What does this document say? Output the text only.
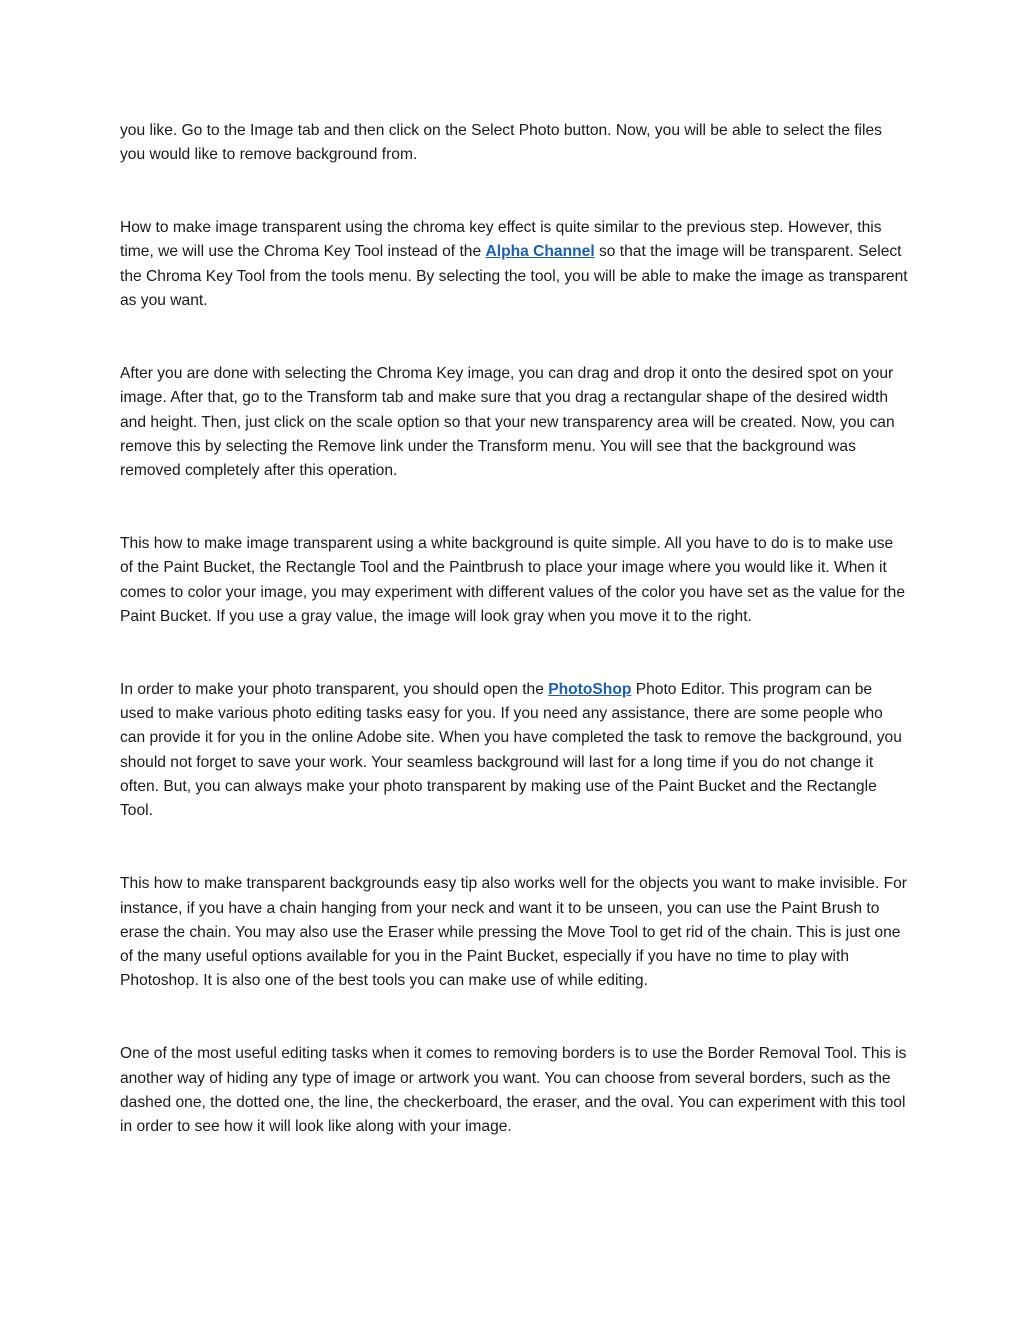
you like. Go to the Image tab and then click on the Select Photo button. Now, you will be able to select the files you would like to remove background from.

How to make image transparent using the chroma key effect is quite similar to the previous step. However, this time, we will use the Chroma Key Tool instead of the Alpha Channel so that the image will be transparent. Select the Chroma Key Tool from the tools menu. By selecting the tool, you will be able to make the image as transparent as you want.

After you are done with selecting the Chroma Key image, you can drag and drop it onto the desired spot on your image. After that, go to the Transform tab and make sure that you drag a rectangular shape of the desired width and height. Then, just click on the scale option so that your new transparency area will be created. Now, you can remove this by selecting the Remove link under the Transform menu. You will see that the background was removed completely after this operation.

This how to make image transparent using a white background is quite simple. All you have to do is to make use of the Paint Bucket, the Rectangle Tool and the Paintbrush to place your image where you would like it. When it comes to color your image, you may experiment with different values of the color you have set as the value for the Paint Bucket. If you use a gray value, the image will look gray when you move it to the right.

In order to make your photo transparent, you should open the PhotoShop Photo Editor. This program can be used to make various photo editing tasks easy for you. If you need any assistance, there are some people who can provide it for you in the online Adobe site. When you have completed the task to remove the background, you should not forget to save your work. Your seamless background will last for a long time if you do not change it often. But, you can always make your photo transparent by making use of the Paint Bucket and the Rectangle Tool.

This how to make transparent backgrounds easy tip also works well for the objects you want to make invisible. For instance, if you have a chain hanging from your neck and want it to be unseen, you can use the Paint Brush to erase the chain. You may also use the Eraser while pressing the Move Tool to get rid of the chain. This is just one of the many useful options available for you in the Paint Bucket, especially if you have no time to play with Photoshop. It is also one of the best tools you can make use of while editing.

One of the most useful editing tasks when it comes to removing borders is to use the Border Removal Tool. This is another way of hiding any type of image or artwork you want. You can choose from several borders, such as the dashed one, the dotted one, the line, the checkerboard, the eraser, and the oval. You can experiment with this tool in order to see how it will look like along with your image.
